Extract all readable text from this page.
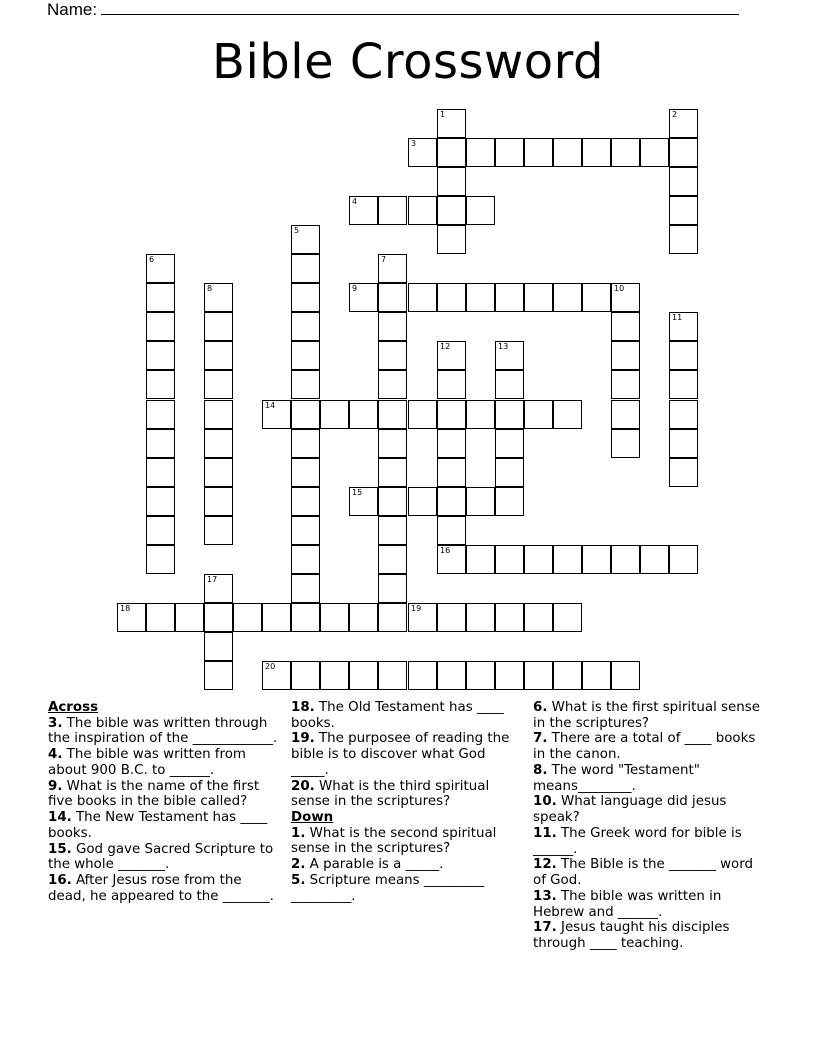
Name:
Bible Crossword
1	2
3
4
5
6	7
8	9	10
11
12
16
13
14
15
17
18	19
20
Across
3. The bible was written through the inspiration of the ____________.
4. The bible was written from about 900 B.C. to ______.
9. What is the name of the first five books in the bible called?
14. The New Testament has ____ books.
15. God gave Sacred Scripture to the whole _______.
16. After Jesus rose from the dead, he appeared to the _______.
18. The Old Testament has ____ books.
19. The purposee of reading the bible is to discover what God _____.
20. What is the third spiritual sense in the scriptures?
Down
1. What is the second spiritual sense in the scriptures?
2. A parable is a _____.
5. Scripture means _________ _________.
6. What is the first spiritual sense in the scriptures?
7. There are a total of ____ books in the canon.
8. The word "Testament" means________.
10. What language did jesus speak?
11. The Greek word for bible is ______.
12. The Bible is the _______ word of God.
13. The bible was written in Hebrew and ______.
17. Jesus taught his disciples through ____ teaching.
